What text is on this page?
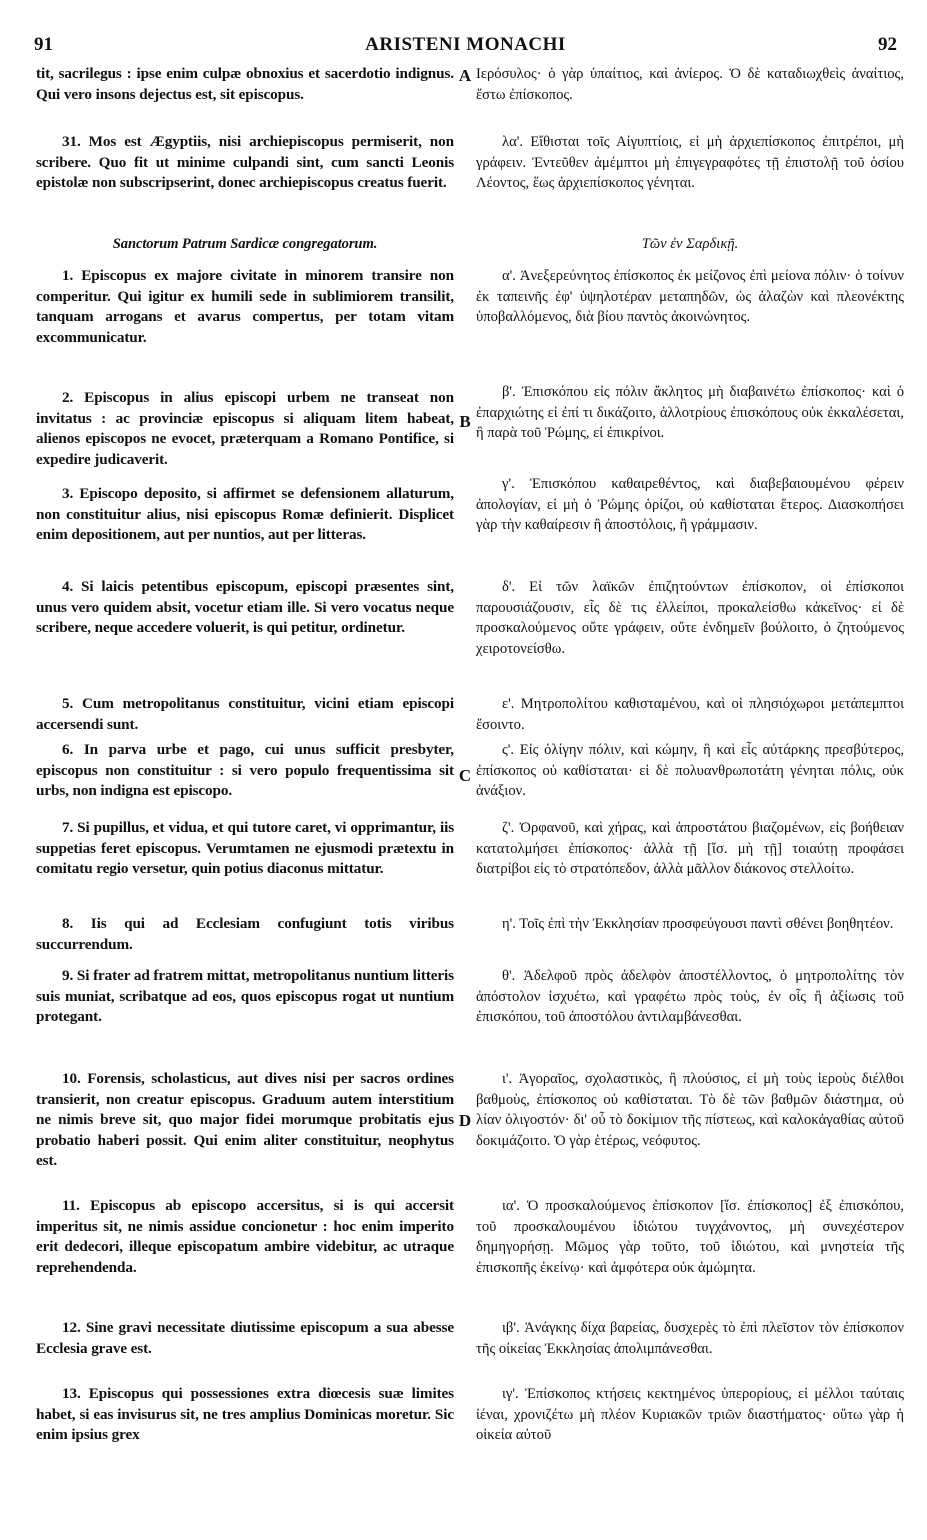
91	ARISTENI MONACHI	92

tit, sacrilegus : ipse enim culpæ obnoxius et sacerdotio indignus. Qui vero insons dejectus est, sit episcopus.

31. Mos est Ægyptiis, nisi archiepiscopus permiserit, non scribere. Quo fit ut minime culpandi sint, cum sancti Leonis epistolæ non subscripserint, donec archiepiscopus creatus fuerit.

Sanctorum Patrum Sardicæ congregatorum.

1. Episcopus ex majore civitate in minorem transire non comperitur. Qui igitur ex humili sede in sublimiorem transilit, tanquam arrogans et avarus compertus, per totam vitam excommunicatur.

2. Episcopus in alius episcopi urbem ne transeat non invitatus : ac provinciæ episcopus si aliquam litem habeat, alienos episcopos ne evocet, præterquam a Romano Pontifice, si expedire judicaverit.

3. Episcopo deposito, si affirmet se defensionem allaturum, non constituitur alius, nisi episcopus Romæ definierit. Displicet enim depositionem, aut per nuntios, aut per litteras.

4. Si laicis petentibus episcopum, episcopi præsentes sint, unus vero quidem absit, vocetur etiam ille. Si vero vocatus neque scribere, neque accedere voluerit, is qui petitur, ordinetur.

5. Cum metropolitanus constituitur, vicini etiam episcopi accersendi sunt.

6. In parva urbe et pago, cui unus sufficit presbyter, episcopus non constituitur : si vero populo frequentissima sit urbs, non indigna est episcopo.

7. Si pupillus, et vidua, et qui tutore caret, vi opprimantur, iis suppetias feret episcopus. Verumtamen ne ejusmodi prætextu in comitatu regio versetur, quin potius diaconus mittatur.

8. Iis qui ad Ecclesiam confugiunt totis viribus succurrendum.

9. Si frater ad fratrem mittat, metropolitanus nuntium litteris suis muniat, scribatque ad eos, quos episcopus rogat ut nuntium protegant.

10. Forensis, scholasticus, aut dives nisi per sacros ordines transierit, non creatur episcopus. Graduum autem interstitium ne nimis breve sit, quo major fidei morumque probitatis ejus probatio haberi possit. Qui enim aliter constituitur, neophytus est.

11. Episcopus ab episcopo accersitus, si is qui accersit imperitus sit, ne nimis assidue concionetur : hoc enim imperito erit dedecori, illeque episcopatum ambire videbitur, ac utraque reprehendenda.

12. Sine gravi necessitate diutissime episcopum a sua abesse Ecclesia grave est.

13. Episcopus qui possessiones extra diœcesis suæ limites habet, si eas invisurus sit, ne tres amplius Dominicas moretur. Sic enim ipsius grex

A
B
C
D

Ιερόσυλος· ὁ γὰρ ὑπαίτιος, καὶ ἀνίερος. Ὁ δὲ καταδιωχθεὶς ἀναίτιος, ἔστω ἐπίσκοπος.

λα'. Εἴθισται τοῖς Αἰγυπτίοις, εἰ μὴ ἀρχιεπίσκοπος ἐπιτρέποι, μὴ γράφειν. Ἐντεῦθεν ἀμέμπτοι μὴ ἐπιγεγραφότες τῇ ἐπιστολῇ τοῦ ὁσίου Λέοντος, ἕως ἀρχιεπίσκοπος γένηται.

Τῶν ἐν Σαρδικῇ.

α'. Ἀνεξερεύνητος ἐπίσκοπος ἐκ μείζονος ἐπὶ μείονα πόλιν· ὁ τοίνυν ἐκ ταπεινῆς ἐφ' ὑψηλοτέραν μεταπηδῶν, ὡς ἀλαζὼν καὶ πλεονέκτης ὑποβαλλόμενος, διὰ βίου παντὸς ἀκοινώνητος.

β'. Ἐπισκόπου εἰς πόλιν ἄκλητος μὴ διαβαινέτω ἐπίσκοπος· καὶ ὁ ἐπαρχιώτης εἰ ἐπί τι δικάζοιτο, ἀλλοτρίους ἐπισκόπους οὐκ ἐκκαλέσεται, ἢ παρὰ τοῦ Ῥώμης, εἰ ἐπικρίνοι.

γ'. Ἐπισκόπου καθαιρεθέντος, καὶ διαβεβαιουμένου φέρειν ἀπολογίαν, εἰ μὴ ὁ Ῥώμης ὁρίζοι, οὐ καθίσταται ἕτερος. Διασκοπήσει γὰρ τὴν καθαίρεσιν ἢ ἀποστόλοις, ἢ γράμμασιν.

δ'. Εἰ τῶν λαϊκῶν ἐπιζητούντων ἐπίσκοπον, οἱ ἐπίσκοποι παρουσιάζουσιν, εἷς δὲ τις ἐλλείποι, προκαλείσθω κἀκεῖνος· εἰ δὲ προσκαλούμενος οὔτε γράφειν, οὔτε ἐνδημεῖν βούλοιτο, ὁ ζητούμενος χειροτονείσθω.

ε'. Μητροπολίτου καθισταμένου, καὶ οἱ πλησιόχωροι μετάπεμπτοι ἔσοιντο.

ς'. Εἰς ὀλίγην πόλιν, καὶ κώμην, ἣ καὶ εἷς αὐτάρκης πρεσβύτερος, ἐπίσκοπος οὐ καθίσταται· εἰ δὲ πολυανθρωποτάτη γένηται πόλις, οὐκ ἀνάξιον.

ζ'. Ὀρφανοῦ, καὶ χήρας, καὶ ἀπροστάτου βιαζομένων, εἰς βοήθειαν κατατολμήσει ἐπίσκοπος· ἀλλὰ τῇ [ἴσ. μὴ τῇ] τοιαύτῃ προφάσει διατρίβοι εἰς τὸ στρατόπεδον, ἀλλὰ μᾶλλον διάκονος στελλοίτω.

η'. Τοῖς ἐπὶ τὴν Ἐκκλησίαν προσφεύγουσι παντὶ σθένει βοηθητέον.

θ'. Ἀδελφοῦ πρὸς ἀδελφὸν ἀποστέλλοντος, ὁ μητροπολίτης τὸν ἀπόστολον ἰσχυέτω, καὶ γραφέτω πρὸς τοὺς, ἐν οἷς ἢ ἀξίωσις τοῦ ἐπισκόπου, τοῦ ἀποστόλου ἀντιλαμβάνεσθαι.

ι'. Ἀγοραῖος, σχολαστικὸς, ἢ πλούσιος, εἰ μὴ τοὺς ἱεροὺς διέλθοι βαθμοὺς, ἐπίσκοπος οὐ καθίσταται. Τὸ δὲ τῶν βαθμῶν διάστημα, οὐ λίαν ὀλιγοστόν· δι' οὗ τὸ δοκίμιον τῆς πίστεως, καὶ καλοκἀγαθίας αὐτοῦ δοκιμάζοιτο. Ὁ γὰρ ἑτέρως, νεόφυτος.

ια'. Ὁ προσκαλούμενος ἐπίσκοπον [ἴσ. ἐπίσκοπος] ἐξ ἐπισκόπου, τοῦ προσκαλουμένου ἰδιώτου τυγχάνοντος, μὴ συνεχέστερον δημηγορήσῃ. Μῶμος γὰρ τοῦτο, τοῦ ἰδιώτου, καὶ μνηστεία τῆς ἐπισκοπῆς ἐκείνῳ· καὶ ἀμφότερα οὐκ ἀμώμητα.

ιβ'. Ἀνάγκης δίχα βαρείας, δυσχερὲς τὸ ἐπὶ πλεῖστον τὸν ἐπίσκοπον τῆς οἰκείας Ἐκκλησίας ἀπολιμπάνεσθαι.

ιγ'. Ἐπίσκοπος κτήσεις κεκτημένος ὑπερορίους, εἰ μέλλοι ταύταις ἰέναι, χρονιζέτω μὴ πλέον Κυριακῶν τριῶν διαστήματος· οὕτω γὰρ ἡ οἰκεία αὐτοῦ
